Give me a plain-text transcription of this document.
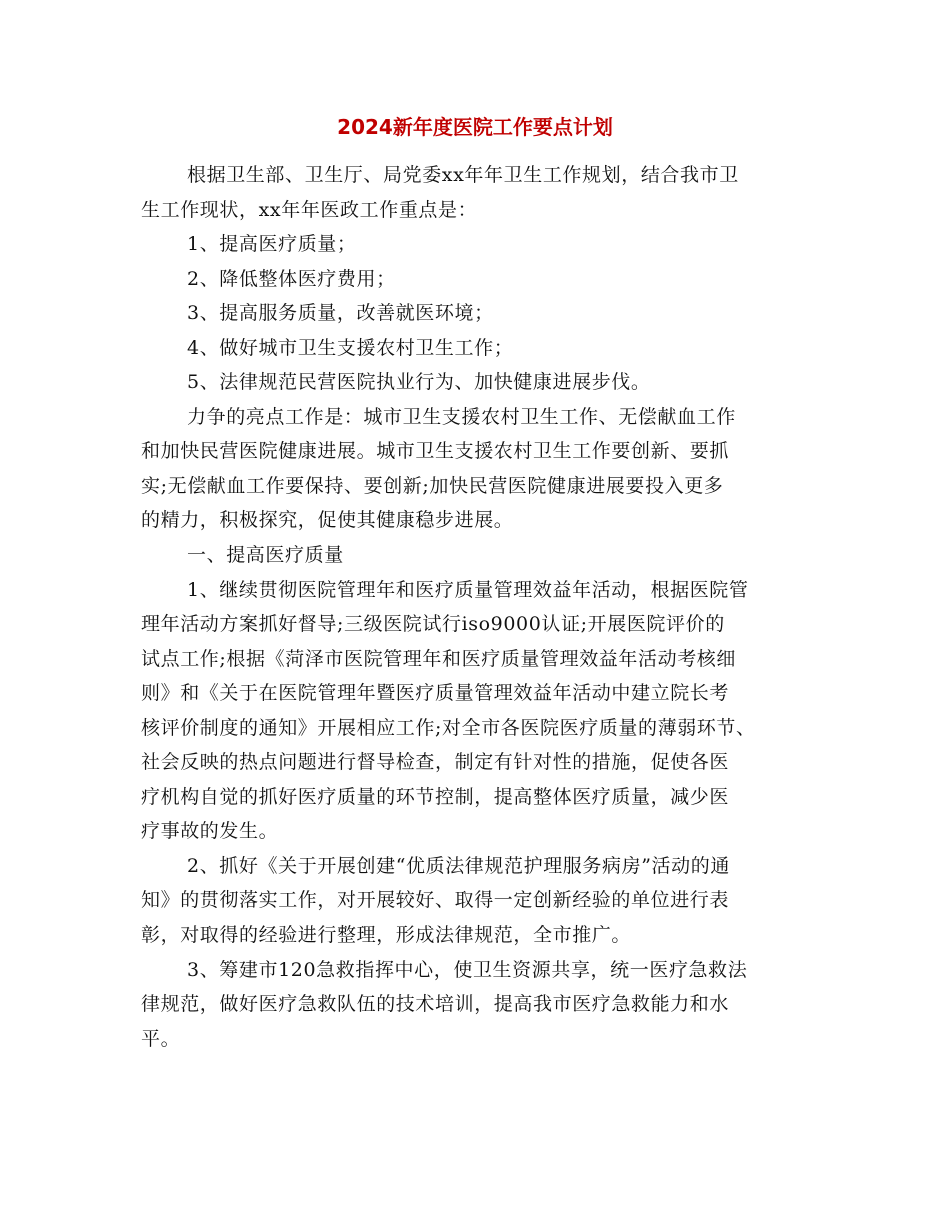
2024新年度医院工作要点计划
根据卫生部、卫生厅、局党委xx年年卫生工作规划，结合我市卫
生工作现状，xx年年医政工作重点是：
1、提高医疗质量；
2、降低整体医疗费用；
3、提高服务质量，改善就医环境；
4、做好城市卫生支援农村卫生工作；
5、法律规范民营医院执业行为、加快健康进展步伐。
力争的亮点工作是：城市卫生支援农村卫生工作、无偿献血工作
和加快民营医院健康进展。城市卫生支援农村卫生工作要创新、要抓
实;无偿献血工作要保持、要创新;加快民营医院健康进展要投入更多
的精力，积极探究，促使其健康稳步进展。
一、提高医疗质量
1、继续贯彻医院管理年和医疗质量管理效益年活动，根据医院管
理年活动方案抓好督导;三级医院试行iso9000认证;开展医院评价的
试点工作;根据《菏泽市医院管理年和医疗质量管理效益年活动考核细
则》和《关于在医院管理年暨医疗质量管理效益年活动中建立院长考
核评价制度的通知》开展相应工作;对全市各医院医疗质量的薄弱环节、
社会反映的热点问题进行督导检查，制定有针对性的措施，促使各医
疗机构自觉的抓好医疗质量的环节控制，提高整体医疗质量，减少医
疗事故的发生。
2、抓好《关于开展创建“优质法律规范护理服务病房”活动的通
知》的贯彻落实工作，对开展较好、取得一定创新经验的单位进行表
彰，对取得的经验进行整理，形成法律规范，全市推广。
3、筹建市120急救指挥中心，使卫生资源共享，统一医疗急救法
律规范，做好医疗急救队伍的技术培训，提高我市医疗急救能力和水
平。
